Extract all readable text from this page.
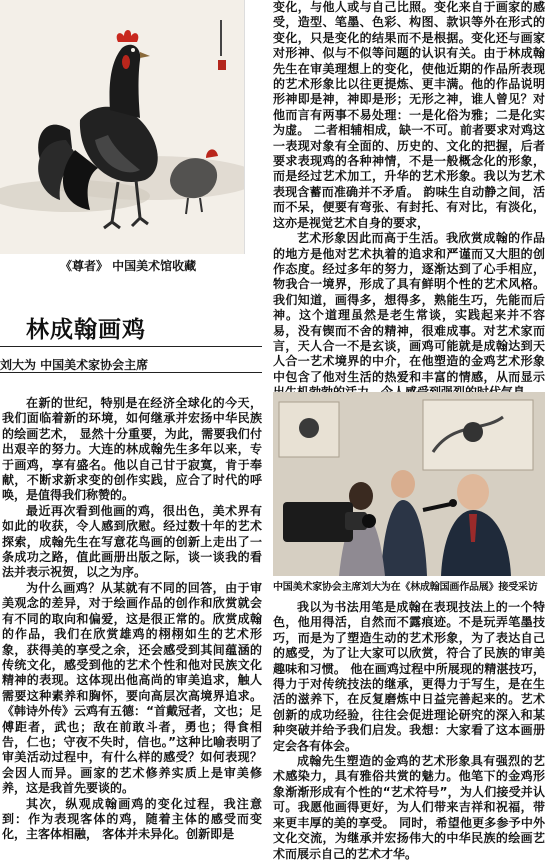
《尊者》 中国美术馆收藏
林成翰画鸡
刘大为 中国美术家协会主席

在新的世纪，特别是在经济全球化的今天，我们面临着新的环境，如何继承并宏扬中华民族的绘画艺术， 显然十分重要，为此，需要我们付出艰辛的努力。大连的林成翰先生多年以来，专于画鸡，享有盛名。他以自己甘于寂寞，肯于奉献，不断求新求变的创作实践，应合了时代的呼唤，是值得我们称赞的。

最近再次看到他画的鸡，很出色，美术界有如此的收获，令人感到欣慰。经过数十年的艺术探索，成翰先生在写意花鸟画的创新上走出了一条成功之路，值此画册出版之际，谈一谈我的看法并表示祝贺，以之为序。

为什么画鸡？从某就有不同的回答，由于审美观念的差异，对于绘画作品的创作和欣赏就会有不同的取向和偏爱，这是很正常的。欣赏成翰的作品，我们在欣赏雄鸡的栩栩如生的艺术形象，获得美的享受之余，还会感受到其间蕴涵的传统文化，感受到他的艺术个性和他对民族文化精神的表现。这体现出他高尚的审美追求，触人需要这种素养和胸怀，要向高层次高境界追求。《韩诗外传》云鸡有五德：“首戴冠者，文也；足傅距者，武也；敌在前敢斗者，勇也；得食相告，仁也；守夜不失时，信也。”这种比喻表明了审美活动过程中，有什么样的感受？如何表现？会因人而异。画家的艺术修养实质上是审美修养，这是我首先要谈的。

其次，纵观成翰画鸡的变化过程，我注意到：作为表现客体的鸡，随着主体的感受而变化，主客体相融， 客体并未异化。创新即是

变化，与他人或与自己比照。变化来自于画家的感受，造型、笔墨、色彩、构图、款识等外在形式的变化，只是变化的结果而不是根据。变化还与画家对形神、似与不似等问题的认识有关。由于林成翰先生在审美理想上的变化，使他近期的作品所表现的艺术形象比以往更提炼、更丰满。他的作品说明形神即是神，神即是形；无形之神，谁人曾见？对他而言有两事不易处理：一是化俗为雅；二是化实为虚。 二者相辅相成，缺一不可。前者要求对鸡这一表现对象有全面的、历史的、文化的把握，后者要求表现鸡的各种神情，不是一般概念化的形象，而是经过艺术加工，升华的艺术形象。我以为艺术表现含蓄而准确并不矛盾。 韵味生自动静之间，活而不呆，便要有弯张、有封托、有对比，有淡化，这亦是视觉艺术自身的要求，

艺术形象因此而高于生活。我欣赏成翰的作品的地方是他对艺术执着的追求和严谨而又大胆的创作态度。经过多年的努力，逐渐达到了心手相应，物我合一境界，形成了具有鲜明个性的艺术风格。我们知道，画得多，想得多，熟能生巧，先能而后神。这个道理虽然是老生常谈，实践起来并不容易，没有锲而不舍的精神，很难成事。对艺术家而言，天人合一不是玄谈，画鸡可能就是成翰达到天人合一艺术境界的中介，在他塑造的金鸡艺术形象中包含了他对生活的热爱和丰富的情感，从而显示

中国美术家协会主席刘大为在《林成翰国画作品展》接受采访

我以为书法用笔是成翰在表现技法上的一个特色，他用得活，自然而不露痕迹。不是玩弄笔墨技巧，而是为了塑造生动的艺术形象，为了表达自己的感受，为了让大家可以欣赏，符合了民族的审美趣味和习惯。 他在画鸡过程中所展现的精湛技巧，得力于对传统技法的继承，更得力于写生，是在生活的滋养下，在反复磨炼中日益完善起来的。艺术创新的成功经验，往往会促进理论研究的深入和某种突破并给予我们启发。我想：大家看了这本画册定会各有体会。

成翰先生塑造的金鸡的艺术形象具有强烈的艺术感染力，具有雅俗共赏的魅力。他笔下的金鸡形象渐渐形成有个性的“艺术符号”，为人们接受并认可。我愿他画得更好，为人们带来吉祥和祝福，带来更丰厚的美的享受。 同时，希望他更多参予中外文化交流，为继承并宏扬伟大的中华民族的绘画艺术而展示自己的艺术才华。
